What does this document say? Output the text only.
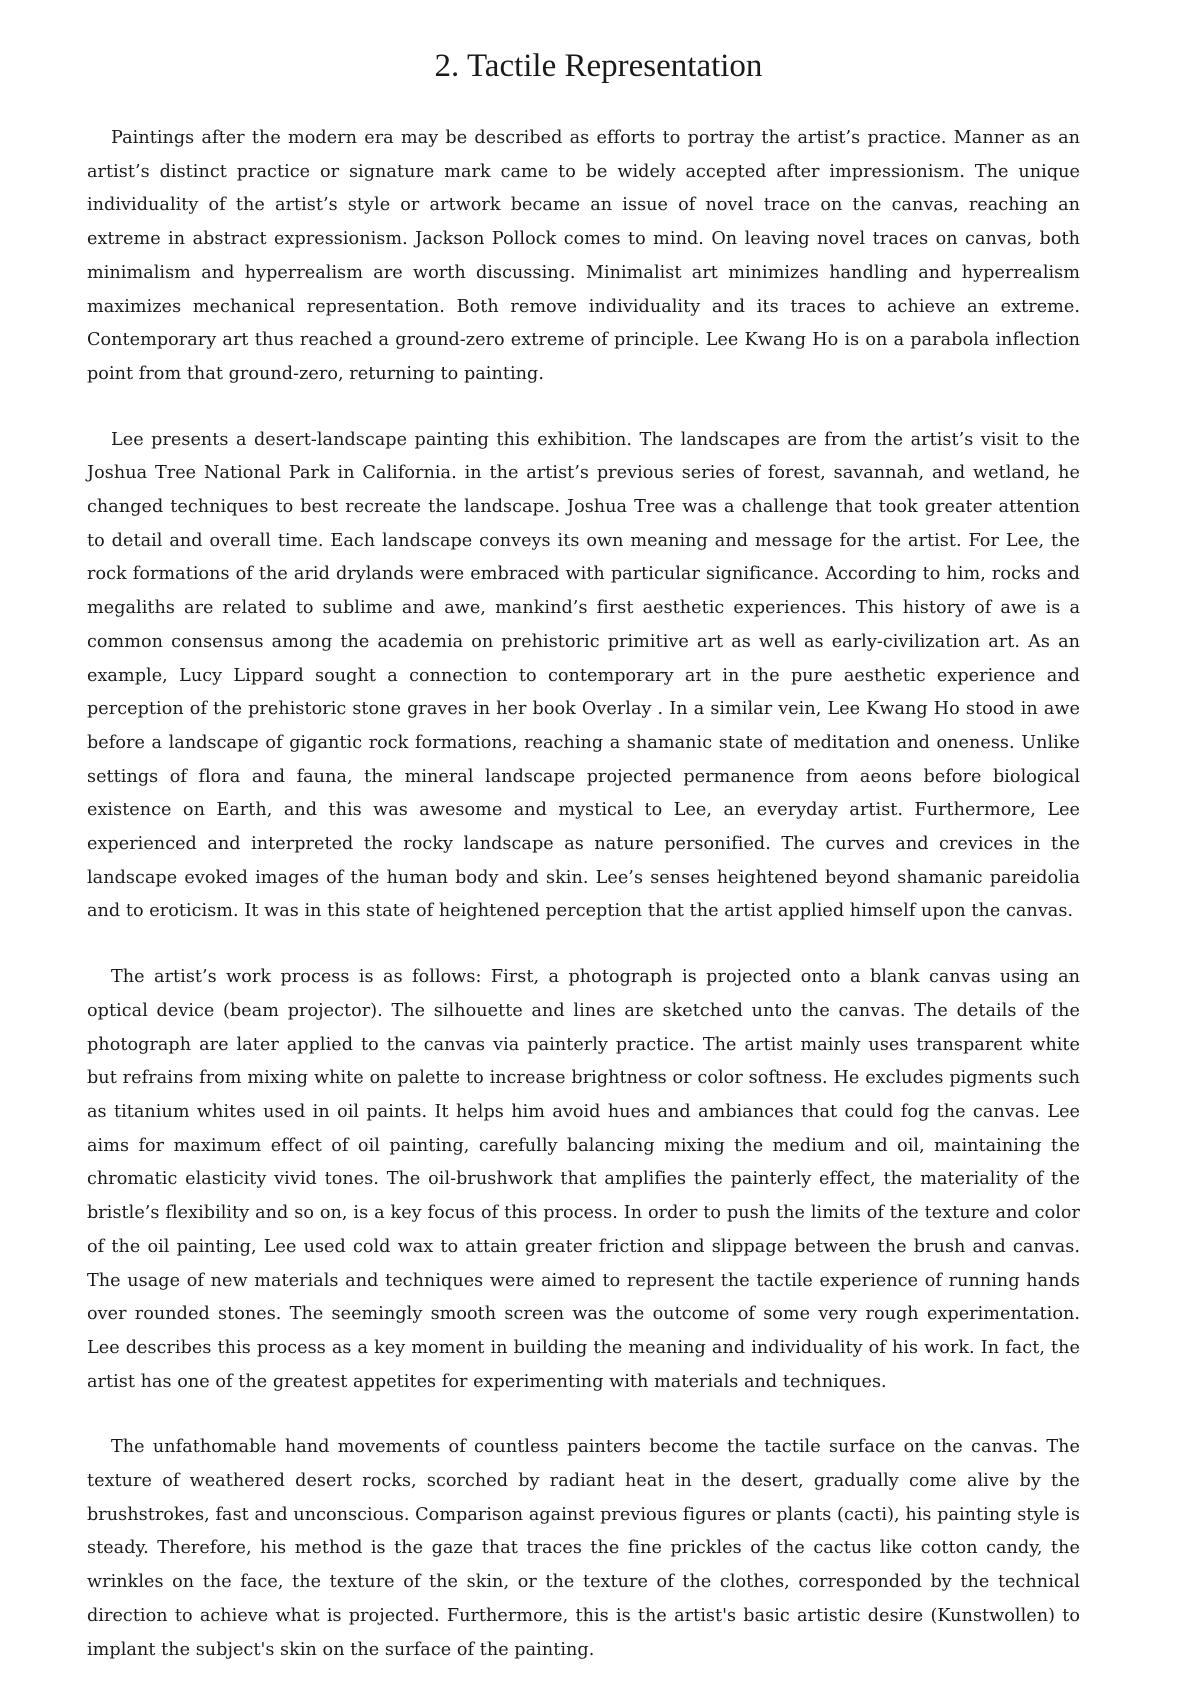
2. Tactile Representation

Paintings after the modern era may be described as efforts to portray the artist’s practice. Manner as an artist’s distinct practice or signature mark came to be widely accepted after impressionism. The unique individuality of the artist’s style or artwork became an issue of novel trace on the canvas, reaching an extreme in abstract expressionism. Jackson Pollock comes to mind. On leaving novel traces on canvas, both minimalism and hyperrealism are worth discussing. Minimalist art minimizes handling and hyperrealism maximizes mechanical representation. Both remove individuality and its traces to achieve an extreme. Contemporary art thus reached a ground-zero extreme of principle. Lee Kwang Ho is on a parabola inflection point from that ground-zero, returning to painting.

Lee presents a desert-landscape painting this exhibition. The landscapes are from the artist’s visit to the Joshua Tree National Park in California. in the artist’s previous series of forest, savannah, and wetland, he changed techniques to best recreate the landscape. Joshua Tree was a challenge that took greater attention to detail and overall time. Each landscape conveys its own meaning and message for the artist. For Lee, the rock formations of the arid drylands were embraced with particular significance. According to him, rocks and megaliths are related to sublime and awe, mankind’s first aesthetic experiences. This history of awe is a common consensus among the academia on prehistoric primitive art as well as early-civilization art. As an example, Lucy Lippard sought a connection to contemporary art in the pure aesthetic experience and perception of the prehistoric stone graves in her book Overlay . In a similar vein, Lee Kwang Ho stood in awe before a landscape of gigantic rock formations, reaching a shamanic state of meditation and oneness. Unlike settings of flora and fauna, the mineral landscape projected permanence from aeons before biological existence on Earth, and this was awesome and mystical to Lee, an everyday artist. Furthermore, Lee experienced and interpreted the rocky landscape as nature personified. The curves and crevices in the landscape evoked images of the human body and skin. Lee’s senses heightened beyond shamanic pareidolia and to eroticism. It was in this state of heightened perception that the artist applied himself upon the canvas.

The artist’s work process is as follows: First, a photograph is projected onto a blank canvas using an optical device (beam projector). The silhouette and lines are sketched unto the canvas. The details of the photograph are later applied to the canvas via painterly practice. The artist mainly uses transparent white but refrains from mixing white on palette to increase brightness or color softness. He excludes pigments such as titanium whites used in oil paints. It helps him avoid hues and ambiances that could fog the canvas. Lee aims for maximum effect of oil painting, carefully balancing mixing the medium and oil, maintaining the chromatic elasticity vivid tones. The oil-brushwork that amplifies the painterly effect, the materiality of the bristle’s flexibility and so on, is a key focus of this process. In order to push the limits of the texture and color of the oil painting, Lee used cold wax to attain greater friction and slippage between the brush and canvas. The usage of new materials and techniques were aimed to represent the tactile experience of running hands over rounded stones. The seemingly smooth screen was the outcome of some very rough experimentation. Lee describes this process as a key moment in building the meaning and individuality of his work. In fact, the artist has one of the greatest appetites for experimenting with materials and techniques.

The unfathomable hand movements of countless painters become the tactile surface on the canvas. The texture of weathered desert rocks, scorched by radiant heat in the desert, gradually come alive by the brushstrokes, fast and unconscious. Comparison against previous figures or plants (cacti), his painting style is steady. Therefore, his method is the gaze that traces the fine prickles of the cactus like cotton candy, the wrinkles on the face, the texture of the skin, or the texture of the clothes, corresponded by the technical direction to achieve what is projected. Furthermore, this is the artist's basic artistic desire (Kunstwollen) to implant the subject's skin on the surface of the painting.
